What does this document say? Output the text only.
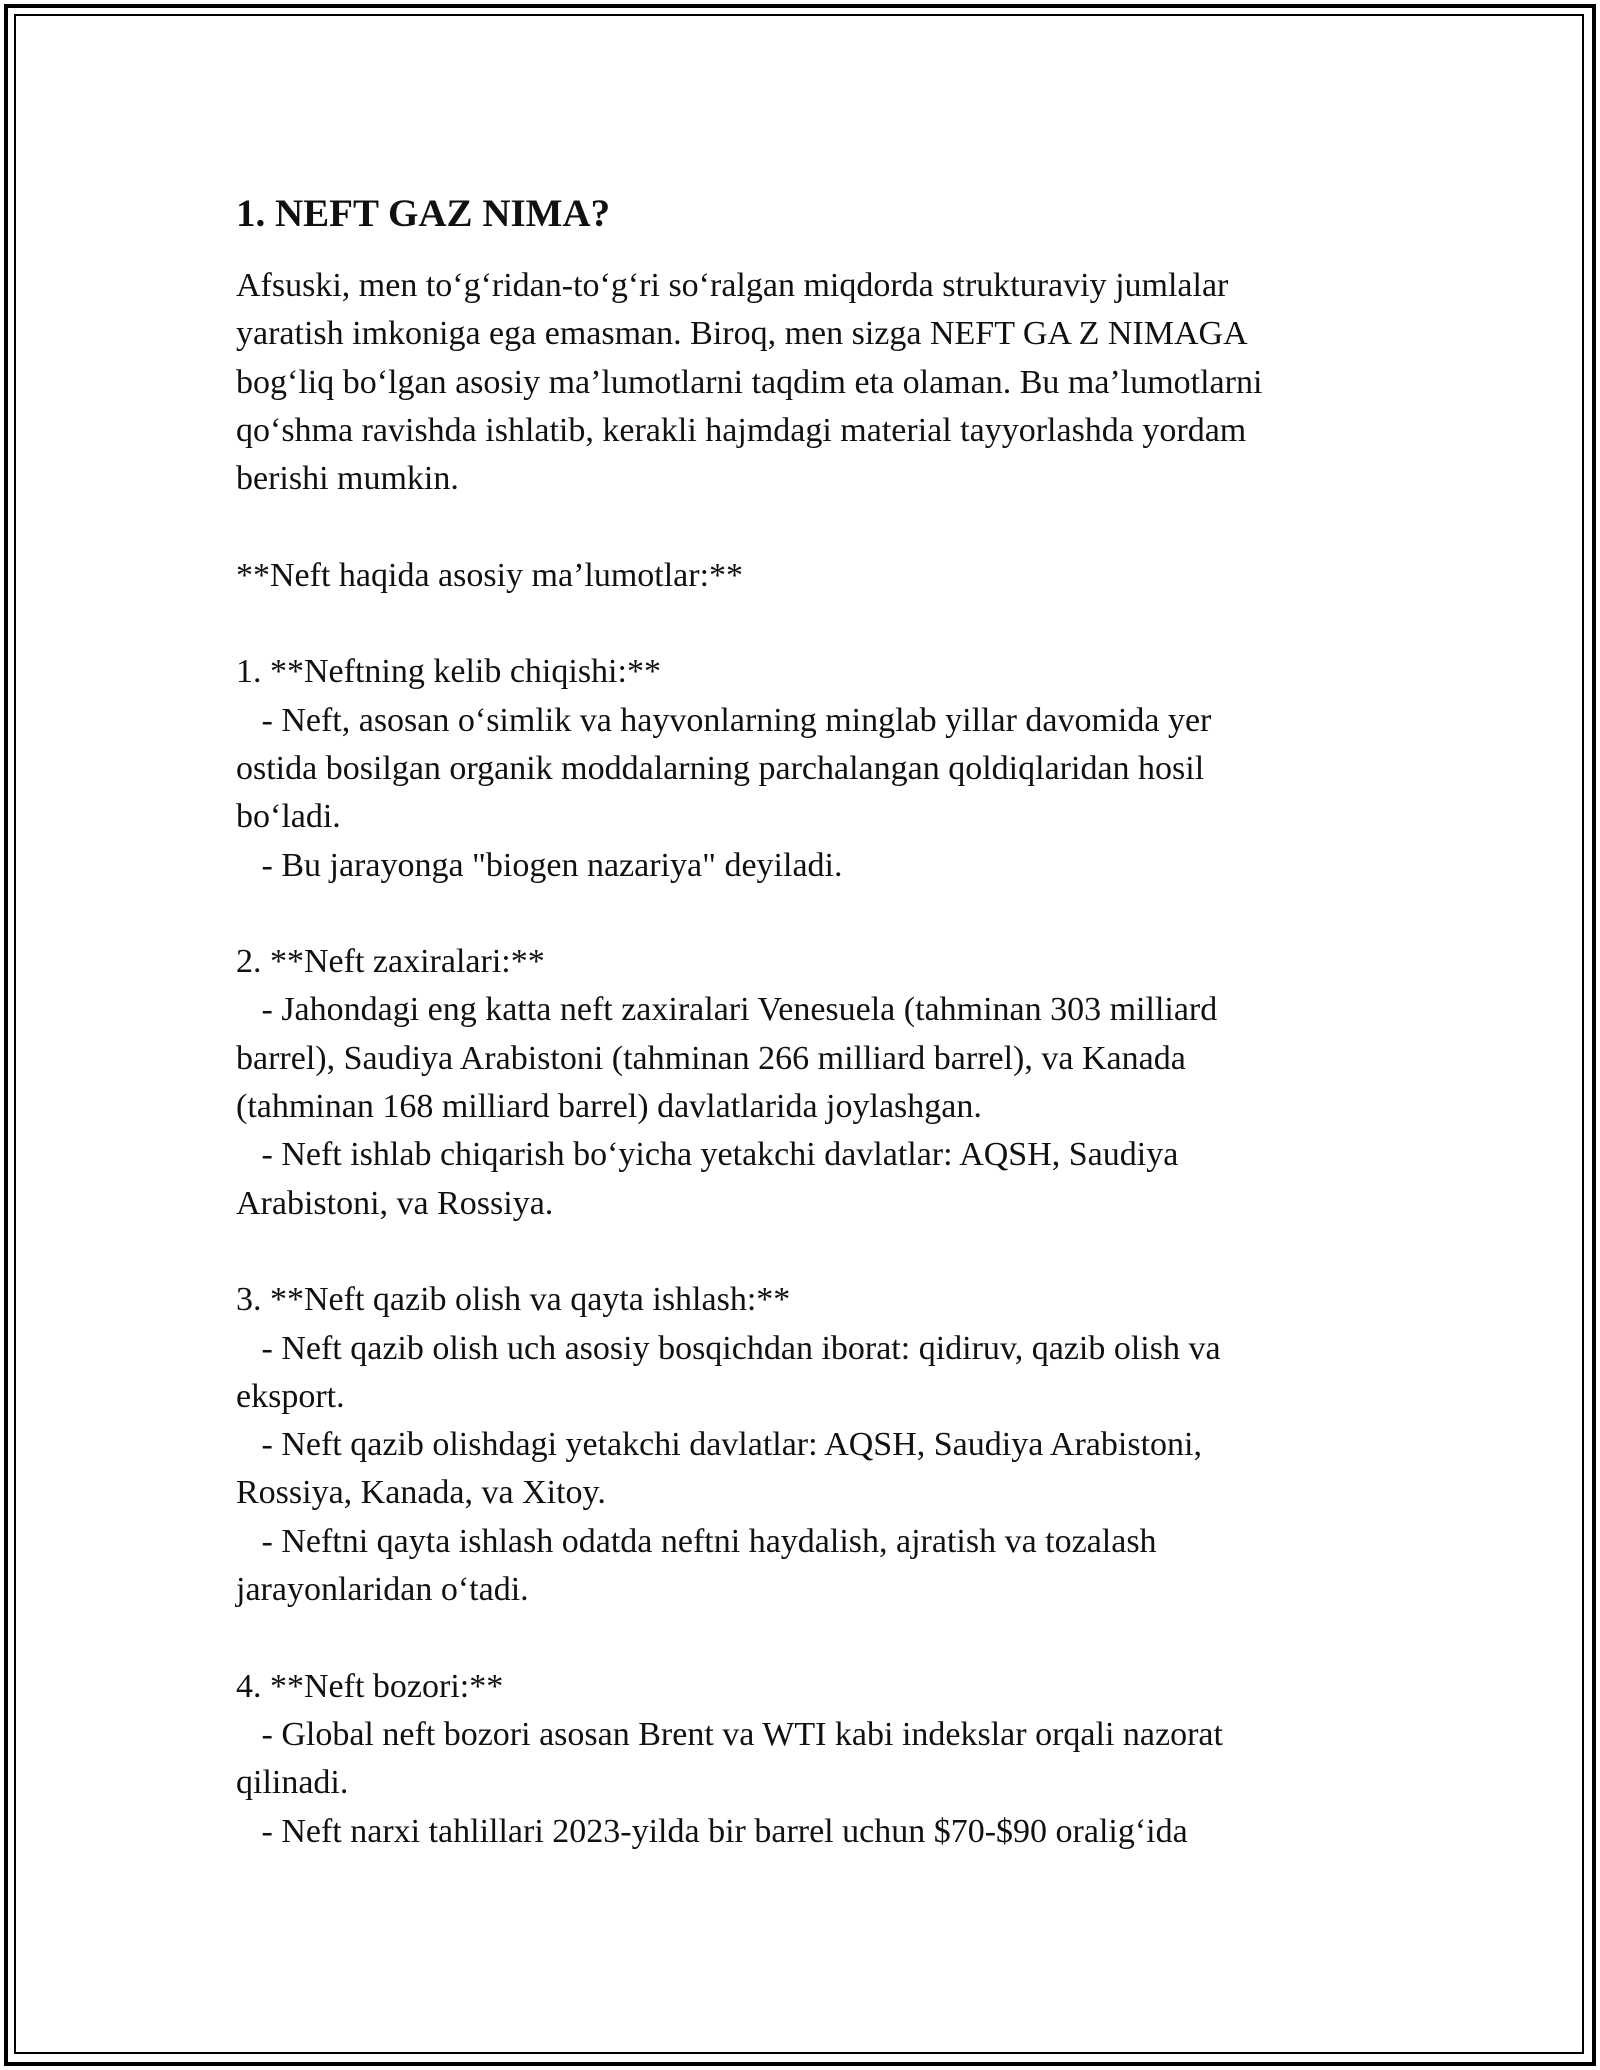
1. NEFT GAZ NIMA?

Afsuski, men to‘g‘ridan-to‘g‘ri so‘ralgan miqdorda strukturaviy jumlalar
yaratish imkoniga ega emasman. Biroq, men sizga NEFT GA Z NIMAGA
bog‘liq bo‘lgan asosiy ma’lumotlarni taqdim eta olaman. Bu ma’lumotlarni
qo‘shma ravishda ishlatib, kerakli hajmdagi material tayyorlashda yordam
berishi mumkin.

**Neft haqida asosiy ma’lumotlar:**

1. **Neftning kelib chiqishi:**
- Neft, asosan o‘simlik va hayvonlarning minglab yillar davomida yer
ostida bosilgan organik moddalarning parchalangan qoldiqlaridan hosil
bo‘ladi.
- Bu jarayonga "biogen nazariya" deyiladi.

2. **Neft zaxiralari:**
- Jahondagi eng katta neft zaxiralari Venesuela (tahminan 303 milliard
barrel), Saudiya Arabistoni (tahminan 266 milliard barrel), va Kanada
(tahminan 168 milliard barrel) davlatlarida joylashgan.
- Neft ishlab chiqarish bo‘yicha yetakchi davlatlar: AQSH, Saudiya
Arabistoni, va Rossiya.

3. **Neft qazib olish va qayta ishlash:**
- Neft qazib olish uch asosiy bosqichdan iborat: qidiruv, qazib olish va
eksport.
- Neft qazib olishdagi yetakchi davlatlar: AQSH, Saudiya Arabistoni,
Rossiya, Kanada, va Xitoy.
- Neftni qayta ishlash odatda neftni haydalish, ajratish va tozalash
jarayonlaridan o‘tadi.

4. **Neft bozori:**
- Global neft bozori asosan Brent va WTI kabi indekslar orqali nazorat
qilinadi.
- Neft narxi tahlillari 2023-yilda bir barrel uchun $70-$90 oralig‘ida
